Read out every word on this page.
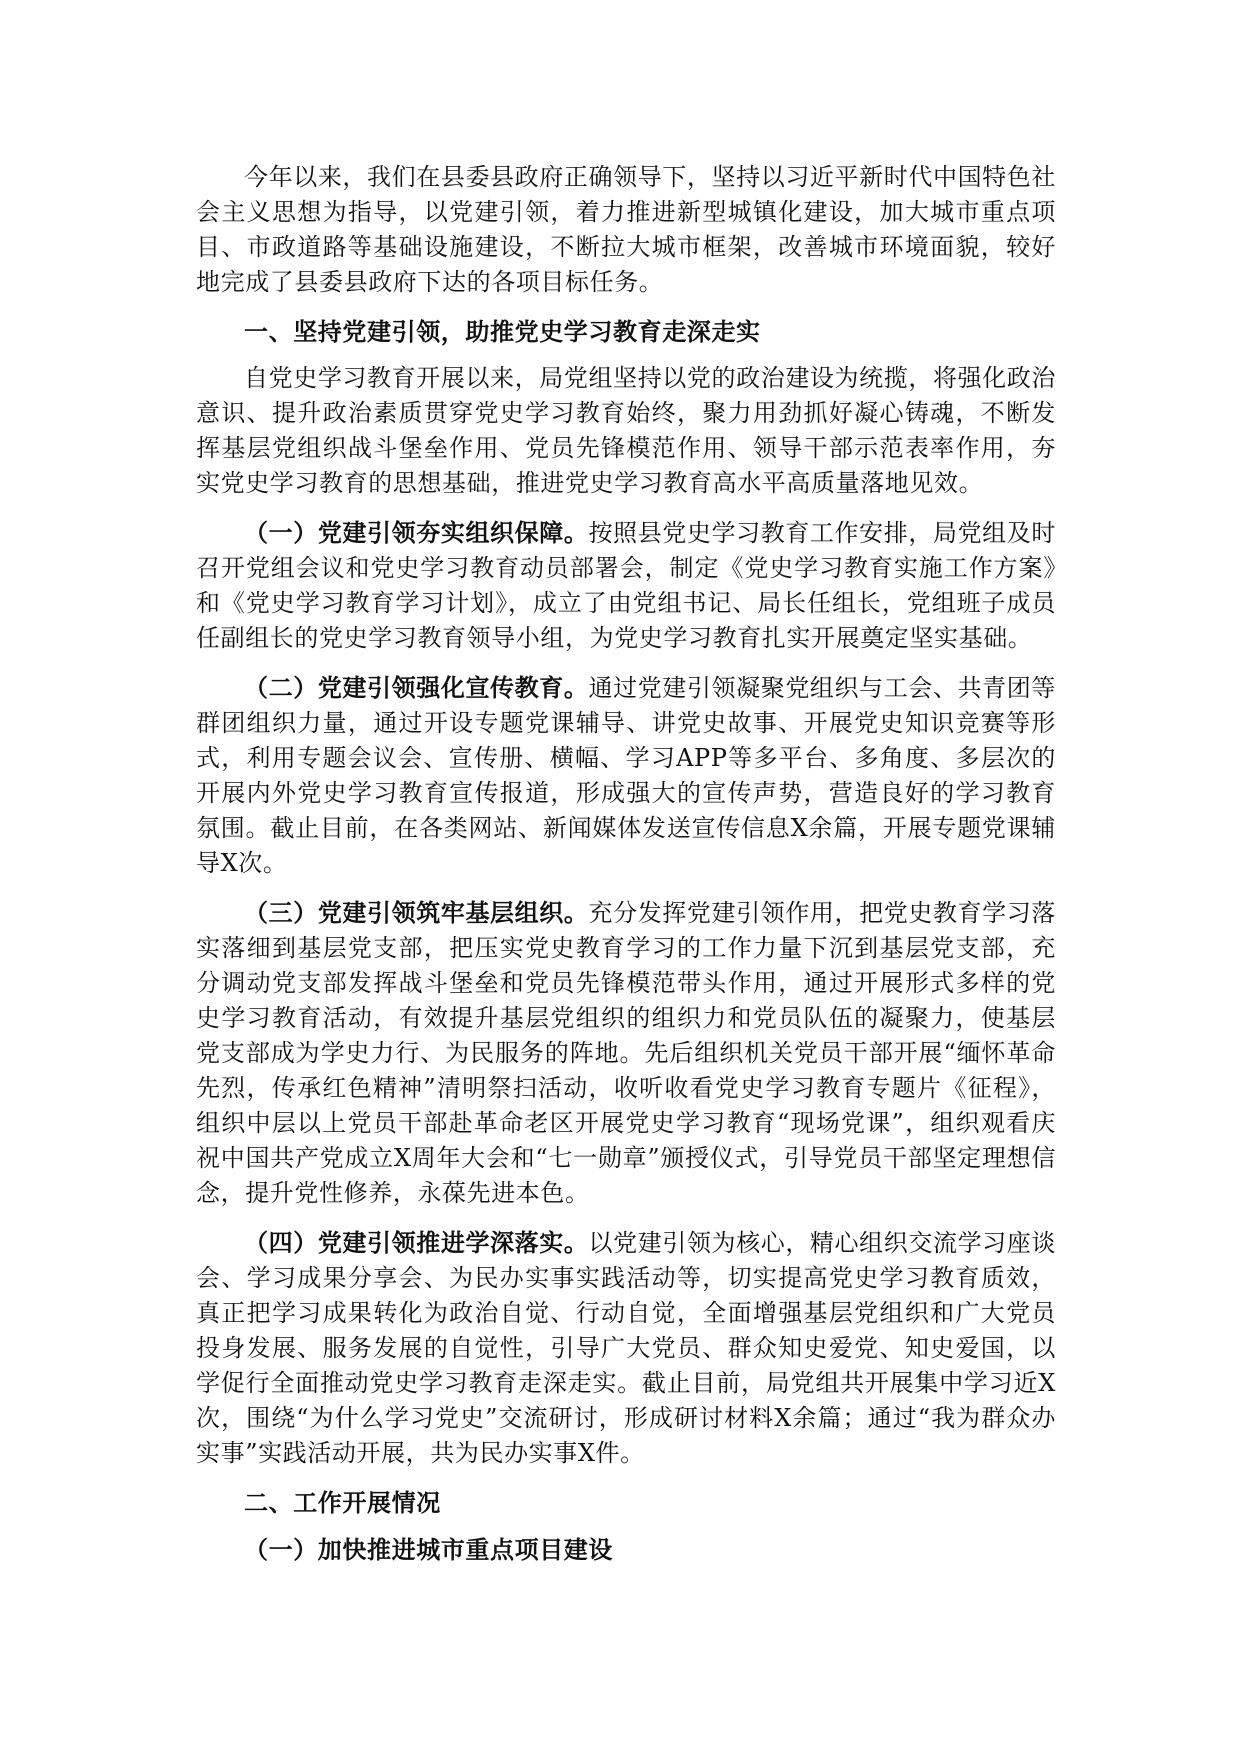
今年以来，我们在县委县政府正确领导下，坚持以习近平新时代中国特色社会主义思想为指导，以党建引领，着力推进新型城镇化建设，加大城市重点项目、市政道路等基础设施建设，不断拉大城市框架，改善城市环境面貌，较好地完成了县委县政府下达的各项目标任务。

一、坚持党建引领，助推党史学习教育走深走实

自党史学习教育开展以来，局党组坚持以党的政治建设为统揽，将强化政治意识、提升政治素质贯穿党史学习教育始终，聚力用劲抓好凝心铸魂，不断发挥基层党组织战斗堡垒作用、党员先锋模范作用、领导干部示范表率作用，夯实党史学习教育的思想基础，推进党史学习教育高水平高质量落地见效。

（一）党建引领夯实组织保障。按照县党史学习教育工作安排，局党组及时召开党组会议和党史学习教育动员部署会，制定《党史学习教育实施工作方案》和《党史学习教育学习计划》，成立了由党组书记、局长任组长，党组班子成员任副组长的党史学习教育领导小组，为党史学习教育扎实开展奠定坚实基础。

（二）党建引领强化宣传教育。通过党建引领凝聚党组织与工会、共青团等群团组织力量，通过开设专题党课辅导、讲党史故事、开展党史知识竞赛等形式，利用专题会议会、宣传册、横幅、学习APP等多平台、多角度、多层次的开展内外党史学习教育宣传报道，形成强大的宣传声势，营造良好的学习教育氛围。截止目前，在各类网站、新闻媒体发送宣传信息X余篇，开展专题党课辅导X次。

（三）党建引领筑牢基层组织。充分发挥党建引领作用，把党史教育学习落实落细到基层党支部，把压实党史教育学习的工作力量下沉到基层党支部，充分调动党支部发挥战斗堡垒和党员先锋模范带头作用，通过开展形式多样的党史学习教育活动，有效提升基层党组织的组织力和党员队伍的凝聚力，使基层党支部成为学史力行、为民服务的阵地。先后组织机关党员干部开展“缅怀革命先烈，传承红色精神”清明祭扫活动，收听收看党史学习教育专题片《征程》，组织中层以上党员干部赴革命老区开展党史学习教育“现场党课”，组织观看庆祝中国共产党成立X周年大会和“七一勋章”颁授仪式，引导党员干部坚定理想信念，提升党性修养，永葆先进本色。

（四）党建引领推进学深落实。以党建引领为核心，精心组织交流学习座谈会、学习成果分享会、为民办实事实践活动等，切实提高党史学习教育质效，真正把学习成果转化为政治自觉、行动自觉，全面增强基层党组织和广大党员投身发展、服务发展的自觉性，引导广大党员、群众知史爱党、知史爱国，以学促行全面推动党史学习教育走深走实。截止目前，局党组共开展集中学习近X次，围绕“为什么学习党史”交流研讨，形成研讨材料X余篇；通过“我为群众办实事”实践活动开展，共为民办实事X件。

二、工作开展情况

（一）加快推进城市重点项目建设
